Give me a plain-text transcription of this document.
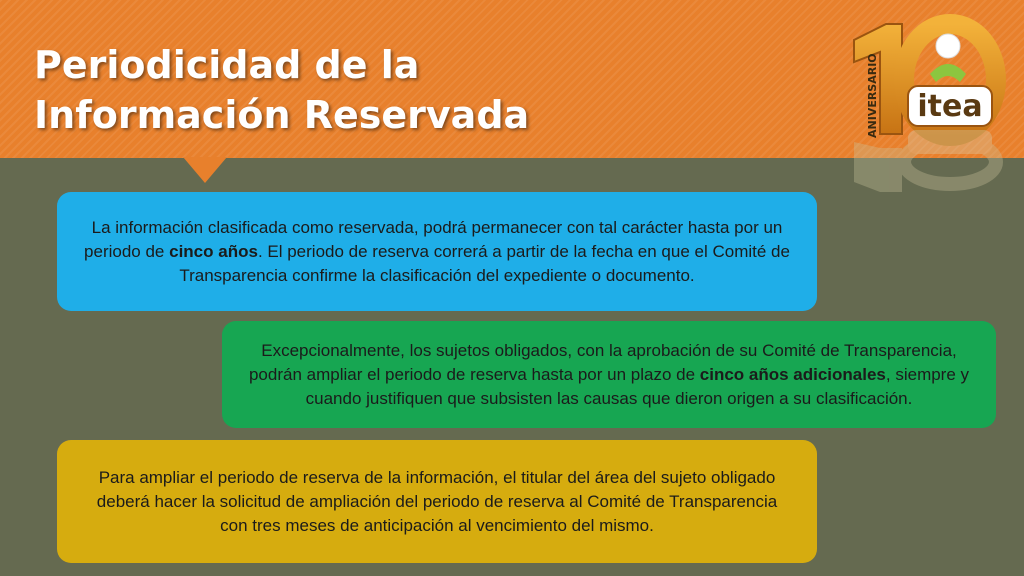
Periodicidad de la
Información Reservada	itea
ANIVERSARIO

La información clasificada como reservada, podrá permanecer con tal carácter hasta por un periodo de cinco años. El periodo de reserva correrá a partir de la fecha en que el Comité de Transparencia confirme la clasificación del expediente o documento.

Excepcionalmente, los sujetos obligados, con la aprobación de su Comité de Transparencia, podrán ampliar el periodo de reserva hasta por un plazo de cinco años adicionales, siempre y cuando justifiquen que subsisten las causas que dieron origen a su clasificación.

Para ampliar el periodo de reserva de la información, el titular del área del sujeto obligado deberá hacer la solicitud de ampliación del periodo de reserva al Comité de Transparencia con tres meses de anticipación al vencimiento del mismo.
